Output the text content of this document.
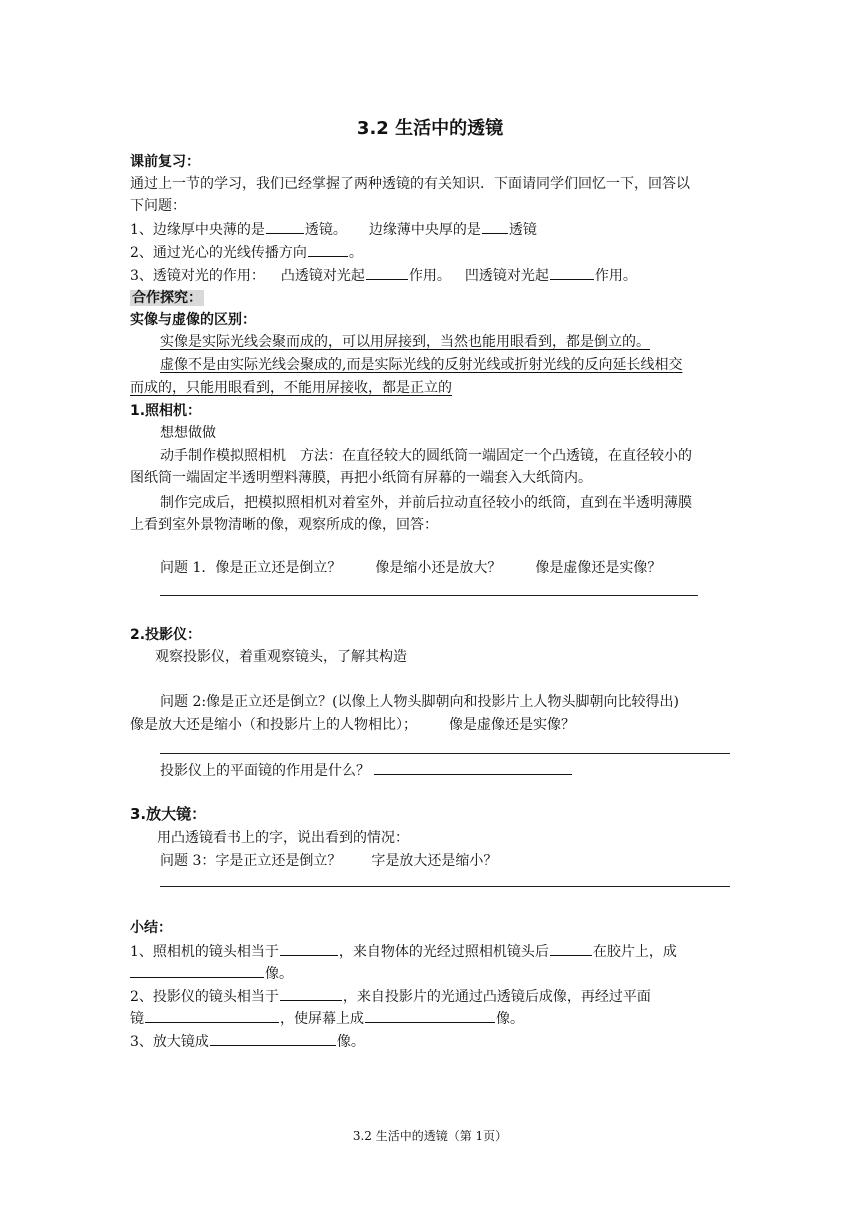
3.2 生活中的透镜
课前复习：
通过上一节的学习，我们已经掌握了两种透镜的有关知识．下面请同学们回忆一下，回答以
下问题：
1、边缘厚中央薄的是	透镜。 边缘薄中央厚的是 透镜
2、通过光心的光线传播方向	。
3、透镜对光的作用： 凸透镜对光起	作用。 凹透镜对光起	作用。
合作探究：
实像与虚像的区别：
实像是实际光线会聚而成的，可以用屏接到，当然也能用眼看到，都是倒立的。
虚像不是由实际光线会聚成的,而是实际光线的反射光线或折射光线的反向延长线相交
而成的，只能用眼看到，不能用屏接收，都是正立的
1.照相机：
想想做做
动手制作模拟照相机　方法：在直径较大的圆纸筒一端固定一个凸透镜，在直径较小的
图纸筒一端固定半透明塑料薄膜，再把小纸筒有屏幕的一端套入大纸筒内。
制作完成后，把模拟照相机对着室外，并前后拉动直径较小的纸筒，直到在半透明薄膜
上看到室外景物清晰的像，观察所成的像，回答：
问题 1．像是正立还是倒立？ 像是缩小还是放大？ 像是虚像还是实像？
2.投影仪：
观察投影仪，着重观察镜头，了解其构造
问题 2:像是正立还是倒立？(以像上人物头脚朝向和投影片上人物头脚朝向比较得出)
像是放大还是缩小（和投影片上的人物相比）； 像是虚像还是实像？
投影仪上的平面镜的作用是什么？
3.放大镜：
用凸透镜看书上的字，说出看到的情况：
问题 3：字是正立还是倒立？ 字是放大还是缩小？
小结：
1、照相机的镜头相当于	，来自物体的光经过照相机镜头后	在胶片上，成
像。
2、投影仪的镜头相当于	，来自投影片的光通过凸透镜后成像，再经过平面
镜	，使屏幕上成	像。
3、放大镜成	像。
3.2 生活中的透镜（第 1页）
